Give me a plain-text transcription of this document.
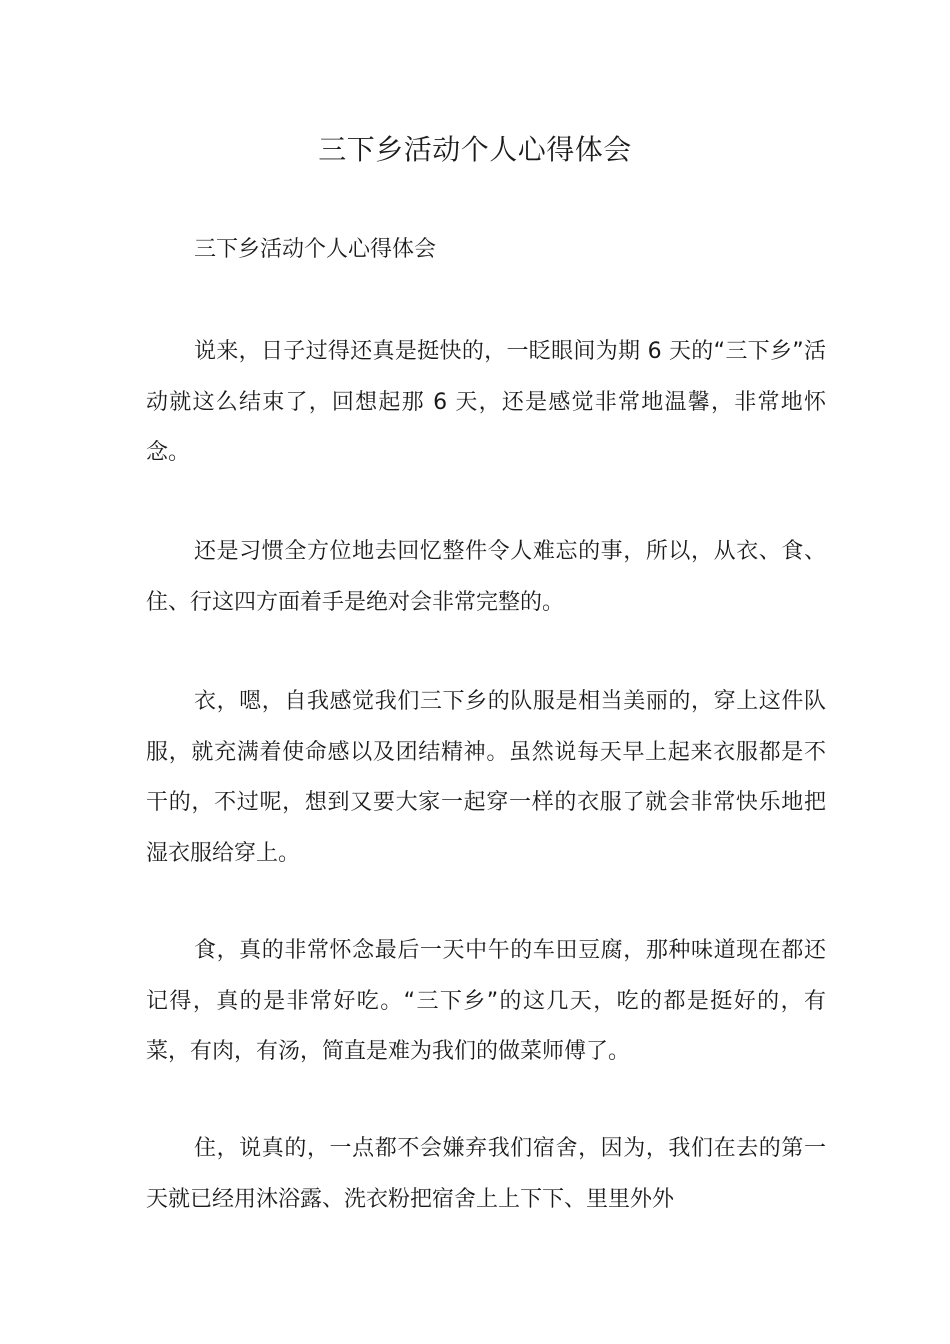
三下乡活动个人心得体会

三下乡活动个人心得体会

说来，日子过得还真是挺快的，一眨眼间为期 6 天的“三下乡”活动就这么结束了，回想起那 6 天，还是感觉非常地温馨，非常地怀念。

还是习惯全方位地去回忆整件令人难忘的事，所以，从衣、食、住、行这四方面着手是绝对会非常完整的。

衣，嗯，自我感觉我们三下乡的队服是相当美丽的，穿上这件队服，就充满着使命感以及团结精神。虽然说每天早上起来衣服都是不干的，不过呢，想到又要大家一起穿一样的衣服了就会非常快乐地把湿衣服给穿上。

食，真的非常怀念最后一天中午的车田豆腐，那种味道现在都还记得，真的是非常好吃。“三下乡”的这几天，吃的都是挺好的，有菜，有肉，有汤，简直是难为我们的做菜师傅了。

住，说真的，一点都不会嫌弃我们宿舍，因为，我们在去的第一天就已经用沐浴露、洗衣粉把宿舍上上下下、里里外外
